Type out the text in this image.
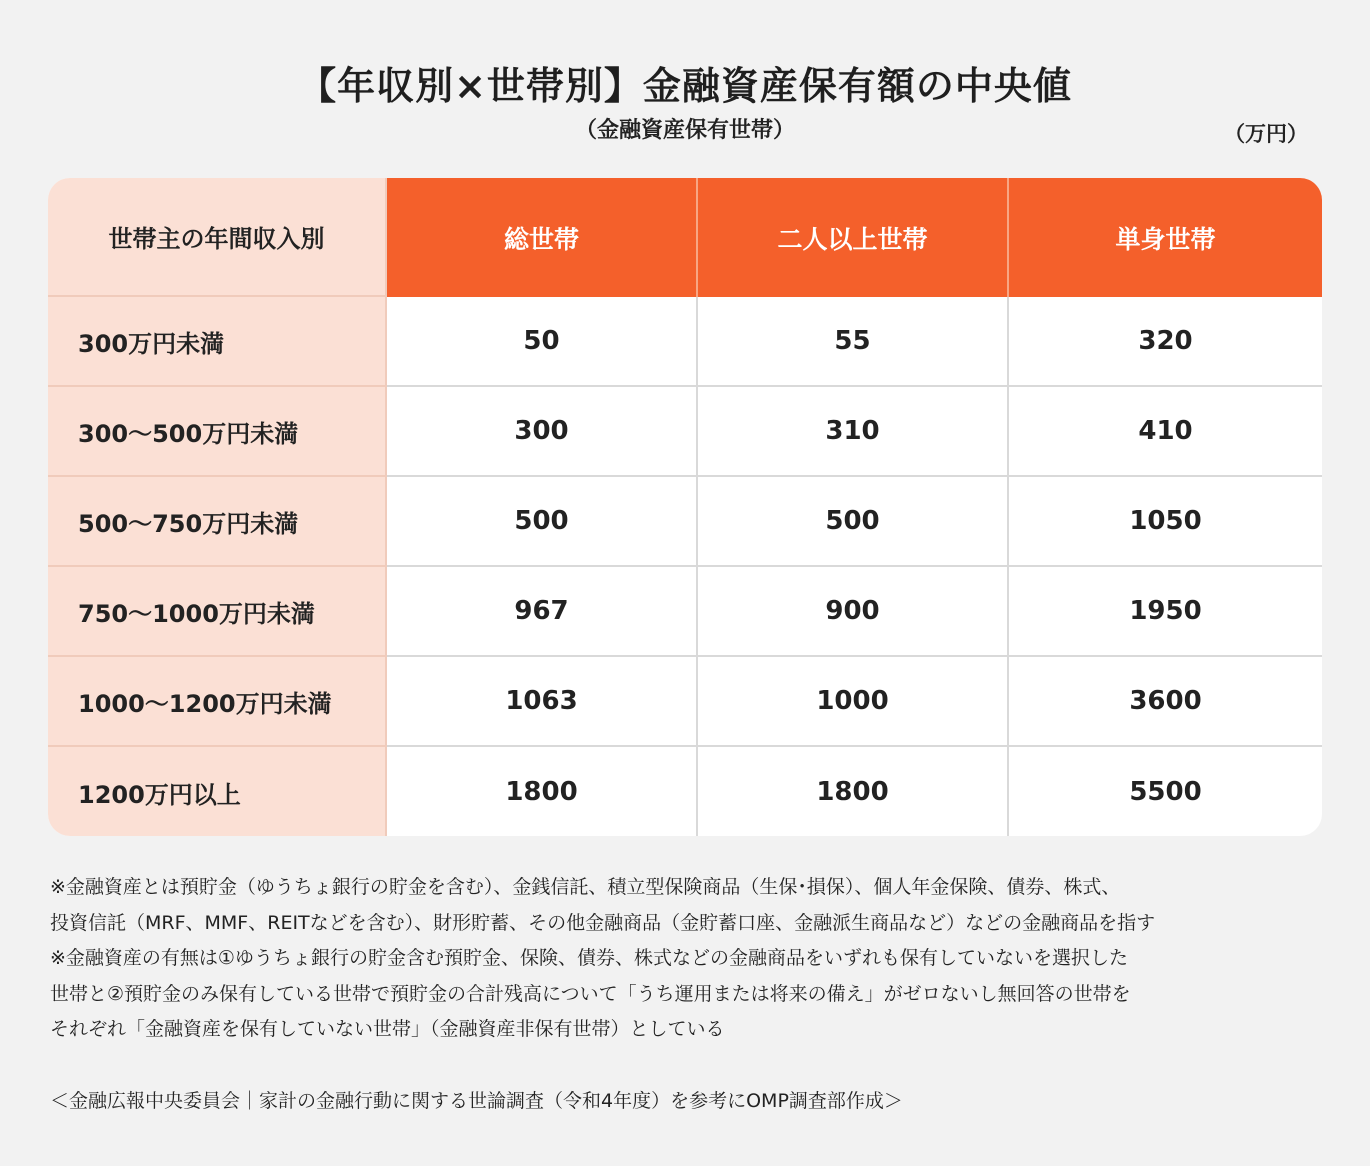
【年収別×世帯別】金融資産保有額の中央値
（金融資産保有世帯）	（万円）
世帯主の年間収入別	総世帯	二人以上世帯	単身世帯
300万円未満	50	55	320
300〜500万円未満	300	310	410
500〜750万円未満	500	500	1050
750〜1000万円未満	967	900	1950
1000〜1200万円未満	1063	1000	3600
1200万円以上	1800	1800	5500
※金融資産とは預貯金（ゆうちょ銀行の貯金を含む）、金銭信託、積立型保険商品（生保･損保）、個人年金保険、債券、株式、
投資信託（MRF、MMF、REITなどを含む）、財形貯蓄、その他金融商品（金貯蓄口座、金融派生商品など）などの金融商品を指す
※金融資産の有無は①ゆうちょ銀行の貯金含む預貯金、保険、債券、株式などの金融商品をいずれも保有していないを選択した
世帯と②預貯金のみ保有している世帯で預貯金の合計残高について「うち運用または将来の備え」がゼロないし無回答の世帯を
それぞれ「金融資産を保有していない世帯」（金融資産非保有世帯）としている
＜金融広報中央委員会｜家計の金融行動に関する世論調査（令和4年度）を参考にOMP調査部作成＞
